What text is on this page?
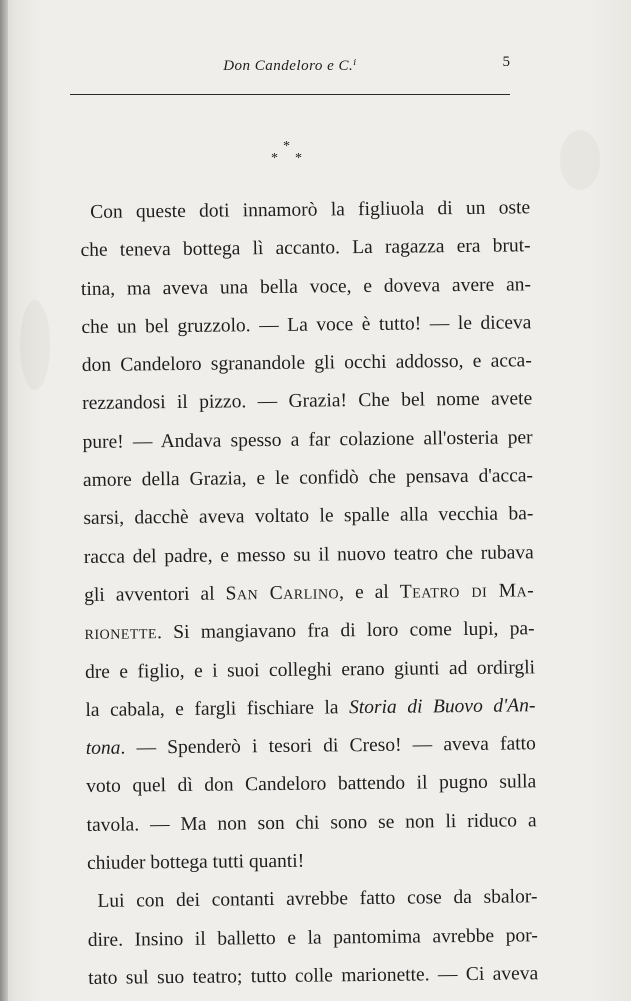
Don Candeloro e C.ⁱ	5
*
* *
Con queste doti innamorò la figliuola di un oste
che teneva bottega lì accanto. La ragazza era brut-
tina, ma aveva una bella voce, e doveva avere an-
che un bel gruzzolo. — La voce è tutto! — le diceva
don Candeloro sgranandole gli occhi addosso, e acca-
rezzandosi il pizzo. — Grazia! Che bel nome avete
pure! — Andava spesso a far colazione all'osteria per
amore della Grazia, e le confidò che pensava d'acca-
sarsi, dacchè aveva voltato le spalle alla vecchia ba-
racca del padre, e messo su il nuovo teatro che rubava
gli avventori al San Carlino, e al Teatro di Ma-
rionette. Si mangiavano fra di loro come lupi, pa-
dre e figlio, e i suoi colleghi erano giunti ad ordirgli
la cabala, e fargli fischiare la Storia di Buovo d'An-
tona. — Spenderò i tesori di Creso! — aveva fatto
voto quel dì don Candeloro battendo il pugno sulla
tavola. — Ma non son chi sono se non li riduco a
chiuder bottega tutti quanti!
Lui con dei contanti avrebbe fatto cose da sbalor-
dire. Insino il balletto e la pantomima avrebbe por-
tato sul suo teatro; tutto colle marionette. — Ci aveva
